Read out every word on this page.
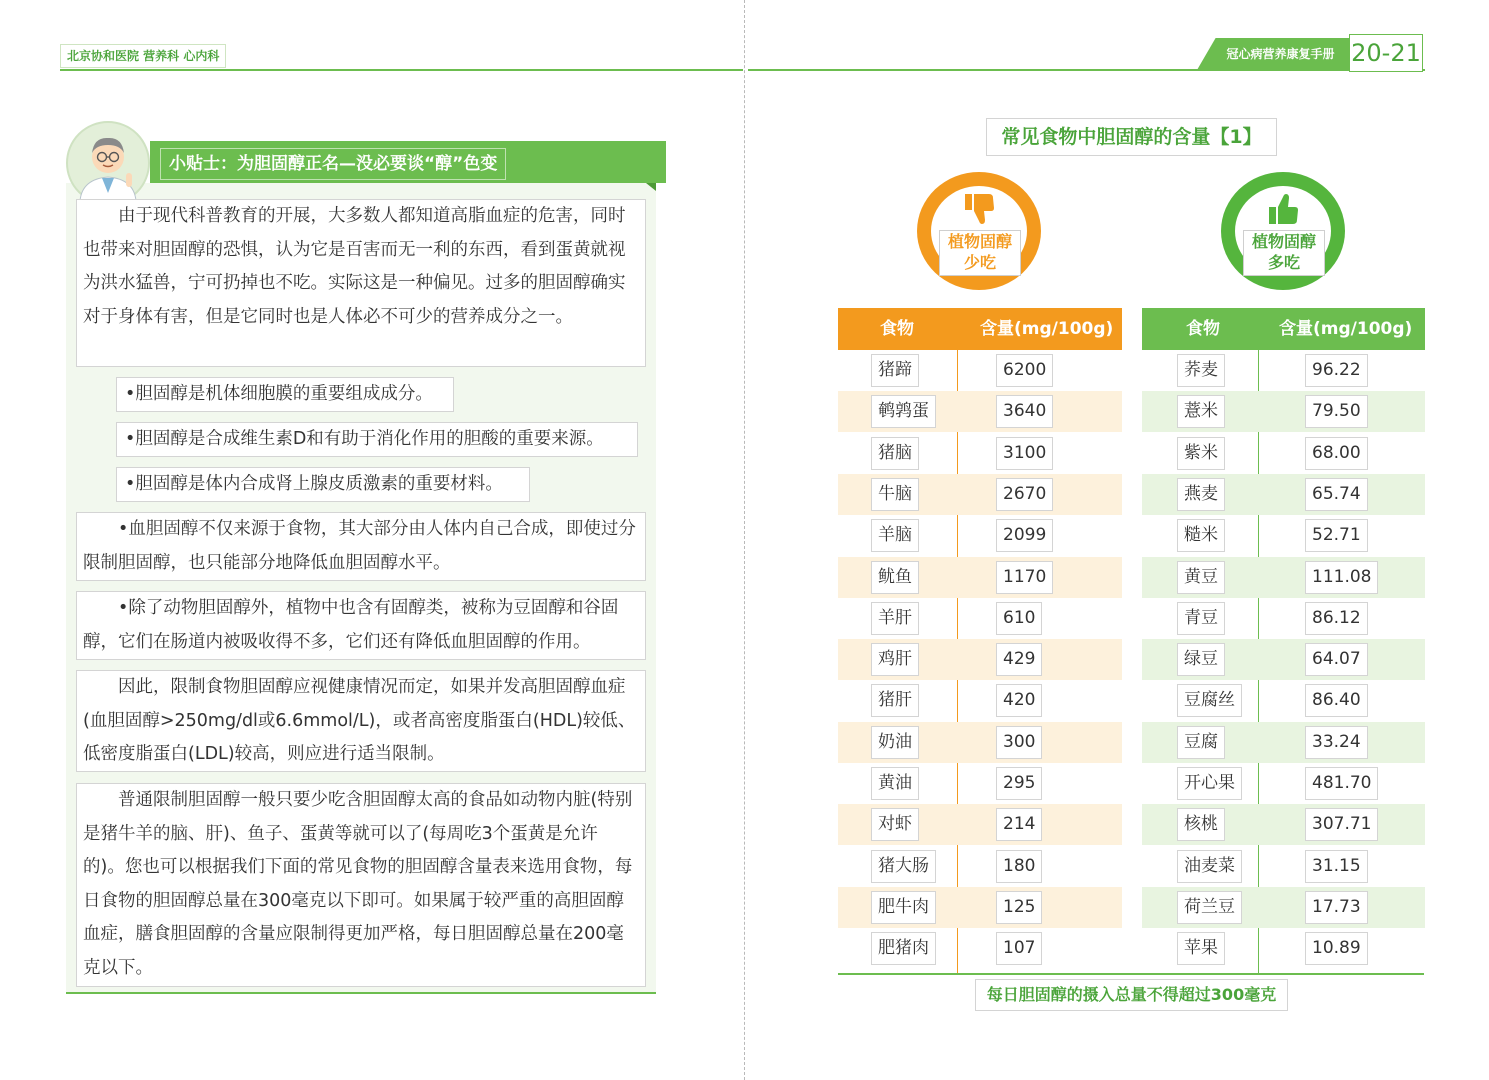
北京协和医院 营养科 心内科	冠心病营养康复手册 20-21
小贴士：为胆固醇正名—没必要谈“醇”色变
由于现代科普教育的开展，大多数人都知道高脂血症的危害，同时也带来对胆固醇的恐惧，认为它是百害而无一利的东西，看到蛋黄就视为洪水猛兽，宁可扔掉也不吃。实际这是一种偏见。过多的胆固醇确实对于身体有害，但是它同时也是人体必不可少的营养成分之一。
•胆固醇是机体细胞膜的重要组成成分。
•胆固醇是合成维生素D和有助于消化作用的胆酸的重要来源。
•胆固醇是体内合成肾上腺皮质激素的重要材料。
•血胆固醇不仅来源于食物，其大部分由人体内自己合成，即使过分限制胆固醇，也只能部分地降低血胆固醇水平。
•除了动物胆固醇外，植物中也含有固醇类，被称为豆固醇和谷固醇，它们在肠道内被吸收得不多，它们还有降低血胆固醇的作用。
因此，限制食物胆固醇应视健康情况而定，如果并发高胆固醇血症(血胆固醇>250mg/dl或6.6mmol/L)，或者高密度脂蛋白(HDL)较低、低密度脂蛋白(LDL)较高，则应进行适当限制。
普通限制胆固醇一般只要少吃含胆固醇太高的食品如动物内脏(特别是猪牛羊的脑、肝)、鱼子、蛋黄等就可以了(每周吃3个蛋黄是允许的)。您也可以根据我们下面的常见食物的胆固醇含量表来选用食物，每日食物的胆固醇总量在300毫克以下即可。如果属于较严重的高胆固醇血症，膳食胆固醇的含量应限制得更加严格，每日胆固醇总量在200毫克以下。
常见食物中胆固醇的含量【1】
植物固醇
少吃
植物固醇
多吃
食物	含量(mg/100g)
猪蹄	6200
鹌鹑蛋	3640
猪脑	3100
牛脑	2670
羊脑	2099
鱿鱼	1170
羊肝	610
鸡肝	429
猪肝	420
奶油	300
黄油	295
对虾	214
猪大肠	180
肥牛肉	125
肥猪肉	107
食物	含量(mg/100g)
荞麦	96.22
薏米	79.50
紫米	68.00
燕麦	65.74
糙米	52.71
黄豆	111.08
青豆	86.12
绿豆	64.07
豆腐丝	86.40
豆腐	33.24
开心果	481.70
核桃	307.71
油麦菜	31.15
荷兰豆	17.73
苹果	10.89
每日胆固醇的摄入总量不得超过300毫克
